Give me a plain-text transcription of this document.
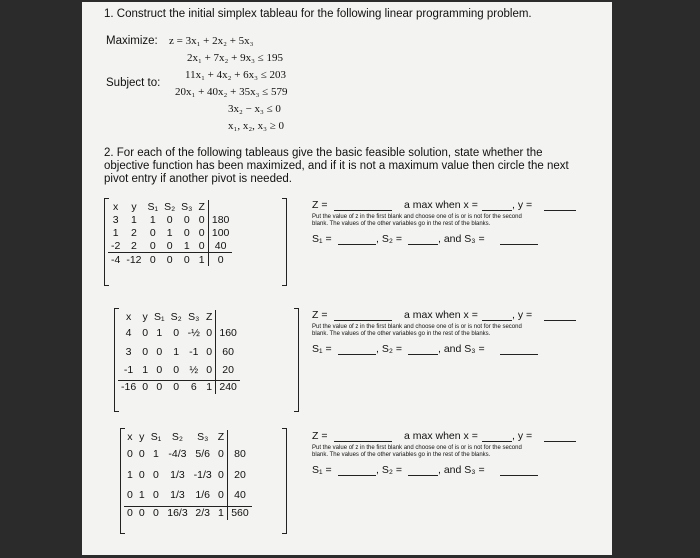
1. Construct the initial simplex tableau for the following linear programming problem.
Maximize: z = 3x₁ + 2x₂ + 5x₃
2x₁ + 7x₂ + 9x₃ ≤ 195
11x₁ + 4x₂ + 6x₃ ≤ 203
Subject to:
20x₁ + 40x₂ + 35x₃ ≤ 579
3x₂ − x₃ ≤ 0
x₁, x₂, x₃ ≥ 0
2. For each of the following tableaus give the basic feasible solution, state whether the
objective function has been maximized, and if it is not a maximum value then circle the next
pivot entry if another pivot is needed.
x	y	S₁	S₂	S₃	Z	
3	1	1	0	0	0	180
1	2	0	1	0	0	100
-2	2	0	0	1	0	40
-4	-12	0	0	0	1	0
Z =	a max when x =	, y =
Put the value of z in the first blank and choose one of is or is not for the second
blank. The values of the other variables go in the rest of the blanks.
S₁ =	, S₂ =	, and S₃ =
x	y	S₁	S₂	S₃	Z	
4	0	1	0	-½	0	160
3	0	0	1	-1	0	60
-1	1	0	0	½	0	20
-16	0	0	0	6	1	240
Z =	a max when x =	, y =
Put the value of z in the first blank and choose one of is or is not for the second
blank. The values of the other variables go in the rest of the blanks.
S₁ =	, S₂ =	, and S₃ =
x	y	S₁	S₂	S₃	Z	
0	0	1	-4/3	5/6	0	80
1	0	0	1/3	-1/3	0	20
0	1	0	1/3	1/6	0	40
0	0	0	16/3	2/3	1	560
Z =	a max when x =	, y =
Put the value of z in the first blank and choose one of is or is not for the second
blank. The values of the other variables go in the rest of the blanks.
S₁ =	, S₂ =	, and S₃ =
